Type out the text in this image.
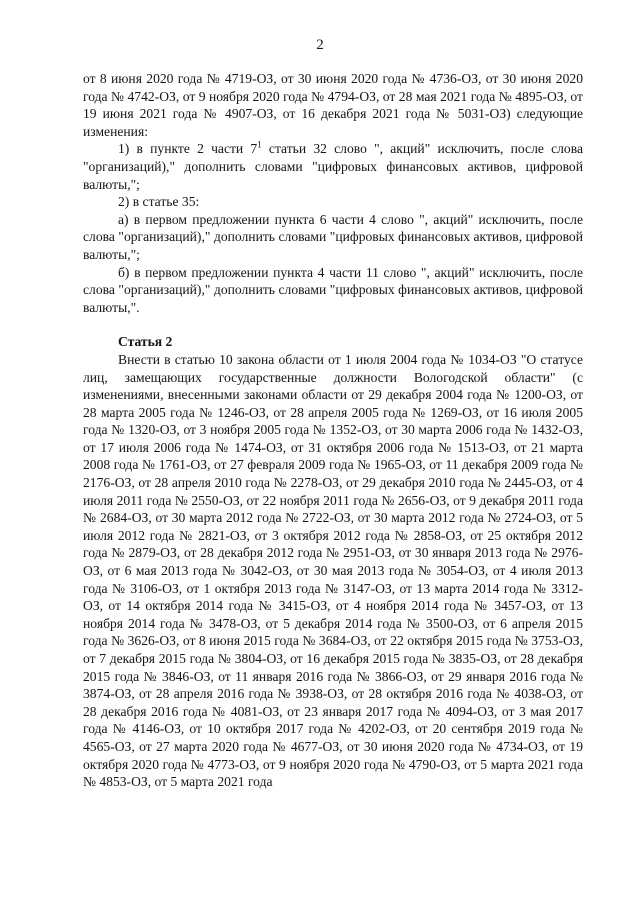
2

от 8 июня 2020 года № 4719-ОЗ, от 30 июня 2020 года № 4736-ОЗ, от 30 июня 2020 года № 4742-ОЗ, от 9 ноября 2020 года № 4794-ОЗ, от 28 мая 2021 года № 4895-ОЗ, от 19 июня 2021 года № 4907-ОЗ, от 16 декабря 2021 года № 5031-ОЗ) следующие изменения:

1) в пункте 2 части $7^1$ статьи 32 слово ", акций" исключить, после слова "организаций)," дополнить словами "цифровых финансовых активов, цифровой валюты,";

2) в статье 35:

а) в первом предложении пункта 6 части 4 слово ", акций" исключить, после слова "организаций)," дополнить словами "цифровых финансовых активов, цифровой валюты,";

б) в первом предложении пункта 4 части 11 слово ", акций" исключить, после слова "организаций)," дополнить словами "цифровых финансовых активов, цифровой валюты,".

Статья 2

Внести в статью 10 закона области от 1 июля 2004 года № 1034-ОЗ "О статусе лиц, замещающих государственные должности Вологодской области" (с изменениями, внесенными законами области от 29 декабря 2004 года № 1200-ОЗ, от 28 марта 2005 года № 1246-ОЗ, от 28 апреля 2005 года № 1269-ОЗ, от 16 июля 2005 года № 1320-ОЗ, от 3 ноября 2005 года № 1352-ОЗ, от 30 марта 2006 года № 1432-ОЗ, от 17 июля 2006 года № 1474-ОЗ, от 31 октября 2006 года № 1513-ОЗ, от 21 марта 2008 года № 1761-ОЗ, от 27 февраля 2009 года № 1965-ОЗ, от 11 декабря 2009 года № 2176-ОЗ, от 28 апреля 2010 года № 2278-ОЗ, от 29 декабря 2010 года № 2445-ОЗ, от 4 июля 2011 года № 2550-ОЗ, от 22 ноября 2011 года № 2656-ОЗ, от 9 декабря 2011 года № 2684-ОЗ, от 30 марта 2012 года № 2722-ОЗ, от 30 марта 2012 года № 2724-ОЗ, от 5 июля 2012 года № 2821-ОЗ, от 3 октября 2012 года № 2858-ОЗ, от 25 октября 2012 года № 2879-ОЗ, от 28 декабря 2012 года № 2951-ОЗ, от 30 января 2013 года № 2976-ОЗ, от 6 мая 2013 года № 3042-ОЗ, от 30 мая 2013 года № 3054-ОЗ, от 4 июля 2013 года № 3106-ОЗ, от 1 октября 2013 года № 3147-ОЗ, от 13 марта 2014 года № 3312-ОЗ, от 14 октября 2014 года № 3415-ОЗ, от 4 ноября 2014 года № 3457-ОЗ, от 13 ноября 2014 года № 3478-ОЗ, от 5 декабря 2014 года № 3500-ОЗ, от 6 апреля 2015 года № 3626-ОЗ, от 8 июня 2015 года № 3684-ОЗ, от 22 октября 2015 года № 3753-ОЗ, от 7 декабря 2015 года № 3804-ОЗ, от 16 декабря 2015 года № 3835-ОЗ, от 28 декабря 2015 года № 3846-ОЗ, от 11 января 2016 года № 3866-ОЗ, от 29 января 2016 года № 3874-ОЗ, от 28 апреля 2016 года № 3938-ОЗ, от 28 октября 2016 года № 4038-ОЗ, от 28 декабря 2016 года № 4081-ОЗ, от 23 января 2017 года № 4094-ОЗ, от 3 мая 2017 года № 4146-ОЗ, от 10 октября 2017 года № 4202-ОЗ, от 20 сентября 2019 года № 4565-ОЗ, от 27 марта 2020 года № 4677-ОЗ, от 30 июня 2020 года № 4734-ОЗ, от 19 октября 2020 года № 4773-ОЗ, от 9 ноября 2020 года № 4790-ОЗ, от 5 марта 2021 года № 4853-ОЗ, от 5 марта 2021 года
